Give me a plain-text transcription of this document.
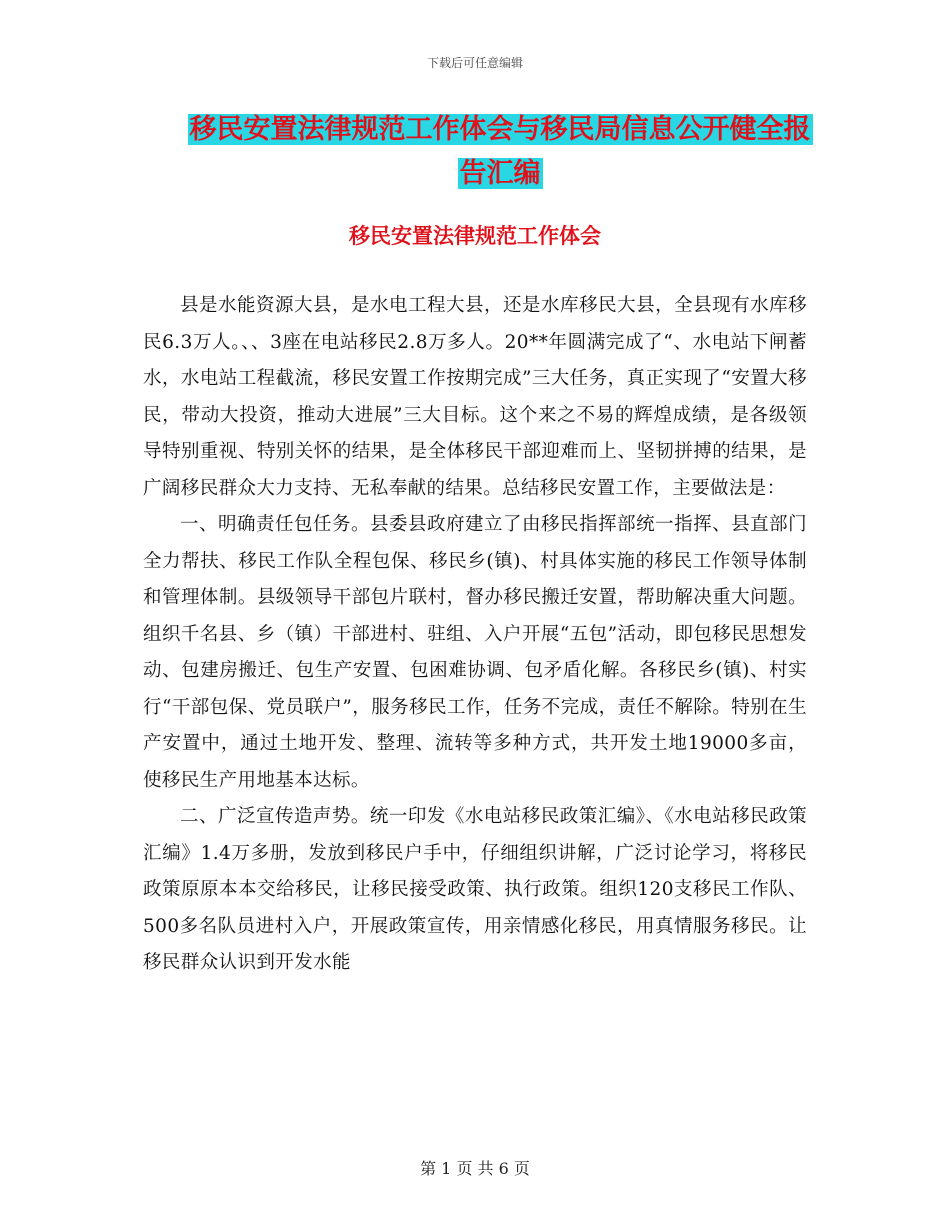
下载后可任意编辑
移民安置法律规范工作体会与移民局信息公开健全报
告汇编
移民安置法律规范工作体会

县是水能资源大县，是水电工程大县，还是水库移民大县，全县现有水库移民6.3万人。、、3座在电站移民2.8万多人。20**年圆满完成了“、水电站下闸蓄水，水电站工程截流，移民安置工作按期完成”三大任务，真正实现了“安置大移民，带动大投资，推动大进展”三大目标。这个来之不易的辉煌成绩，是各级领导特别重视、特别关怀的结果，是全体移民干部迎难而上、坚韧拼搏的结果，是广阔移民群众大力支持、无私奉献的结果。总结移民安置工作，主要做法是：

一、明确责任包任务。县委县政府建立了由移民指挥部统一指挥、县直部门全力帮扶、移民工作队全程包保、移民乡(镇)、村具体实施的移民工作领导体制和管理体制。县级领导干部包片联村，督办移民搬迁安置，帮助解决重大问题。组织千名县、乡（镇）干部进村、驻组、入户开展“五包”活动，即包移民思想发动、包建房搬迁、包生产安置、包困难协调、包矛盾化解。各移民乡(镇)、村实行“干部包保、党员联户”，服务移民工作，任务不完成，责任不解除。特别在生产安置中，通过土地开发、整理、流转等多种方式，共开发土地19000多亩，使移民生产用地基本达标。

二、广泛宣传造声势。统一印发《水电站移民政策汇编》、《水电站移民政策汇编》1.4万多册，发放到移民户手中，仔细组织讲解，广泛讨论学习，将移民政策原原本本交给移民，让移民接受政策、执行政策。组织120支移民工作队、500多名队员进村入户，开展政策宣传，用亲情感化移民，用真情服务移民。让移民群众认识到开发水能

第 1 页 共 6 页
